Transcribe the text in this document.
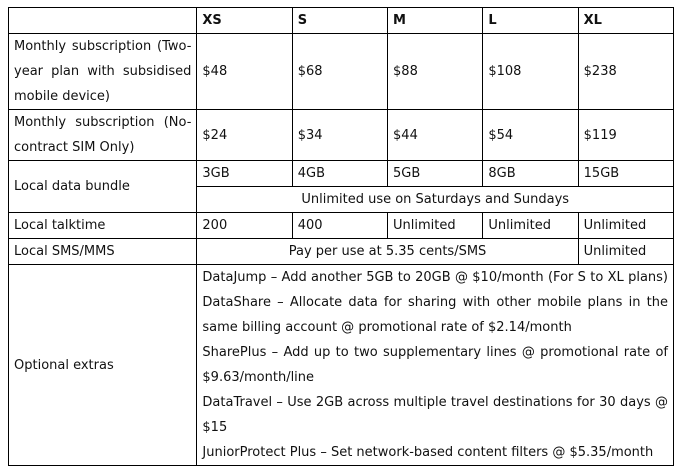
	XS	S	M	L	XL
Monthly subscription (Two-year plan with subsidised mobile device)	$48	$68	$88	$108	$238
Monthly subscription (No-contract SIM Only)	$24	$34	$44	$54	$119
Local data bundle	3GB	4GB	5GB	8GB	15GB
	Unlimited use on Saturdays and Sundays				
Local talktime	200	400	Unlimited	Unlimited	Unlimited
Local SMS/MMS	Pay per use at 5.35 cents/SMS				Unlimited
Optional extras	DataJump – Add another 5GB to 20GB @ $10/month (For S to XL plans)
DataShare – Allocate data for sharing with other mobile plans in the same billing account @ promotional rate of $2.14/month
SharePlus – Add up to two supplementary lines @ promotional rate of $9.63/month/line
DataTravel – Use 2GB across multiple travel destinations for 30 days @ $15
JuniorProtect Plus – Set network-based content filters @ $5.35/month				
